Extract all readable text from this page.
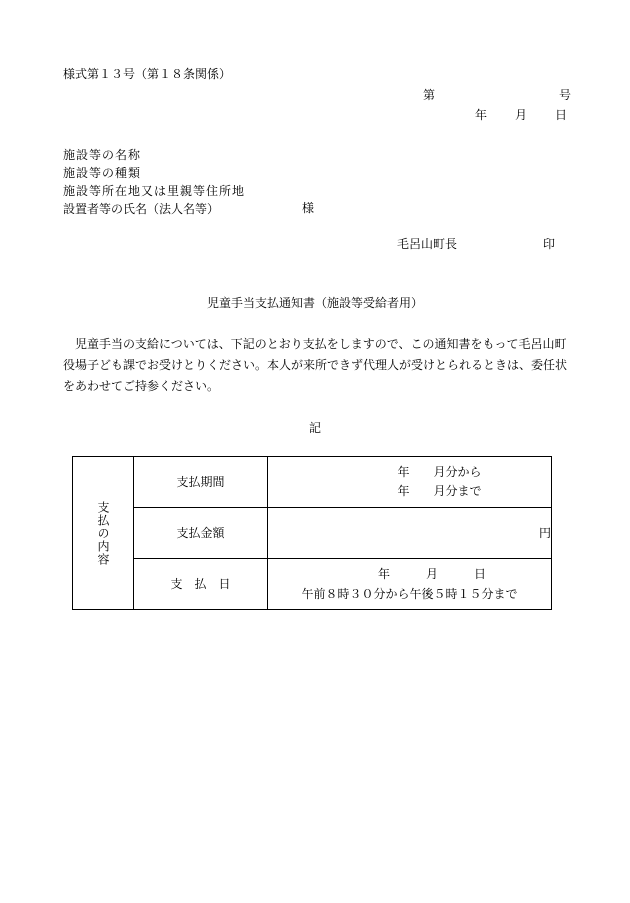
様式第１３号（第１８条関係）
第	号
年 月 日
施設等の名称
施設等の種類
施設等所在地又は里親等住所地
設置者等の氏名（法人名等）	様
毛呂山町長	印
児童手当支払通知書（施設等受給者用）
児童手当の支給については、下記のとおり支払をしますので、この通知書をもって毛呂山町役場子ども課でお受けとりください。本人が来所できず代理人が受けとられるときは、委任状をあわせてご持参ください。
記
支払の内容	支払期間	年　　月分から
年　　月分まで

	支払金額	円
	支　払　日	年　　　月　　　日
午前８時３０分から午後５時１５分まで
